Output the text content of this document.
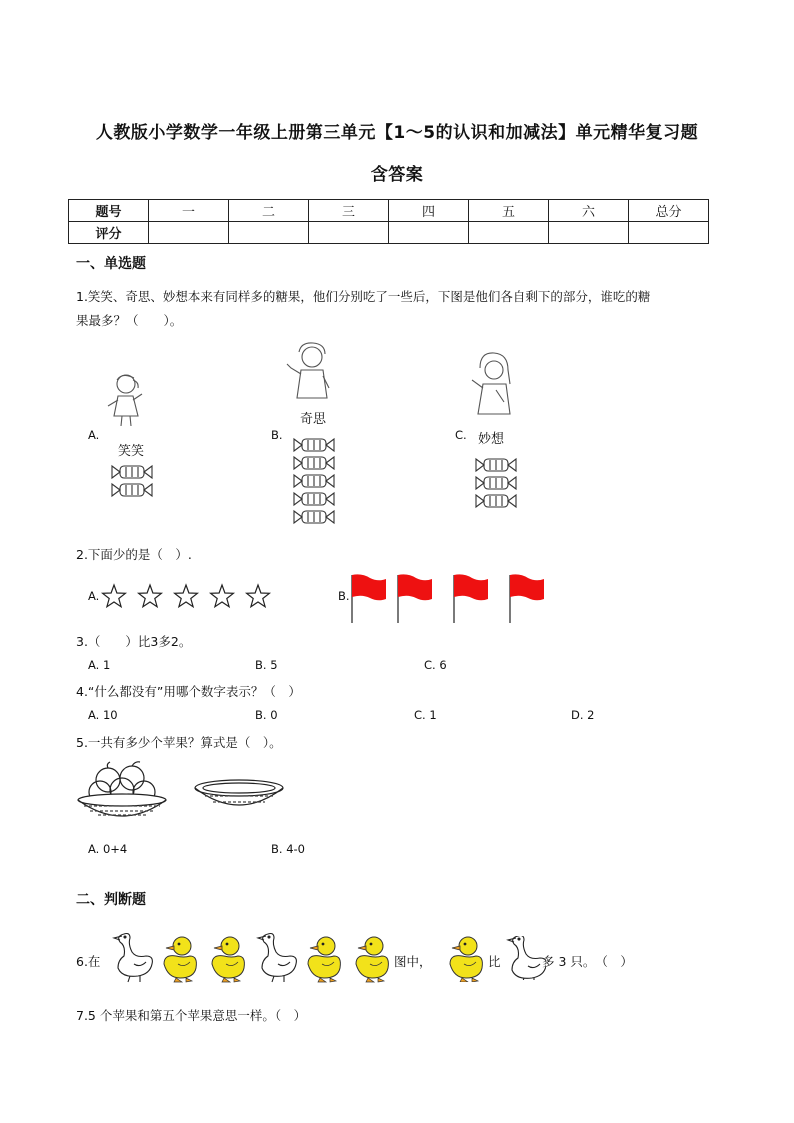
人教版小学数学一年级上册第三单元【1～5的认识和加减法】单元精华复习题
含答案
题号	一	二	三	四	五	六	总分
评分							
一、单选题
1.笑笑、奇思、妙想本来有同样多的糖果，他们分别吃了一些后，下图是他们各自剩下的部分，谁吃的糖
果最多？（　　）。
A.
笑笑
B.
奇思
C. 妙想
2.下面少的是（　）.
A.	B.
3.（　　）比3多2。
A. 1	B. 5	C. 6
4.“什么都没有”用哪个数字表示？（　）
A. 10	B. 0	C. 1	D. 2
5.一共有多少个苹果？算式是（　）。
A. 0+4	B. 4-0
二、判断题
6.在	图中，	比	多 3 只。　（　）
7.5 个苹果和第五个苹果意思一样。（　）
